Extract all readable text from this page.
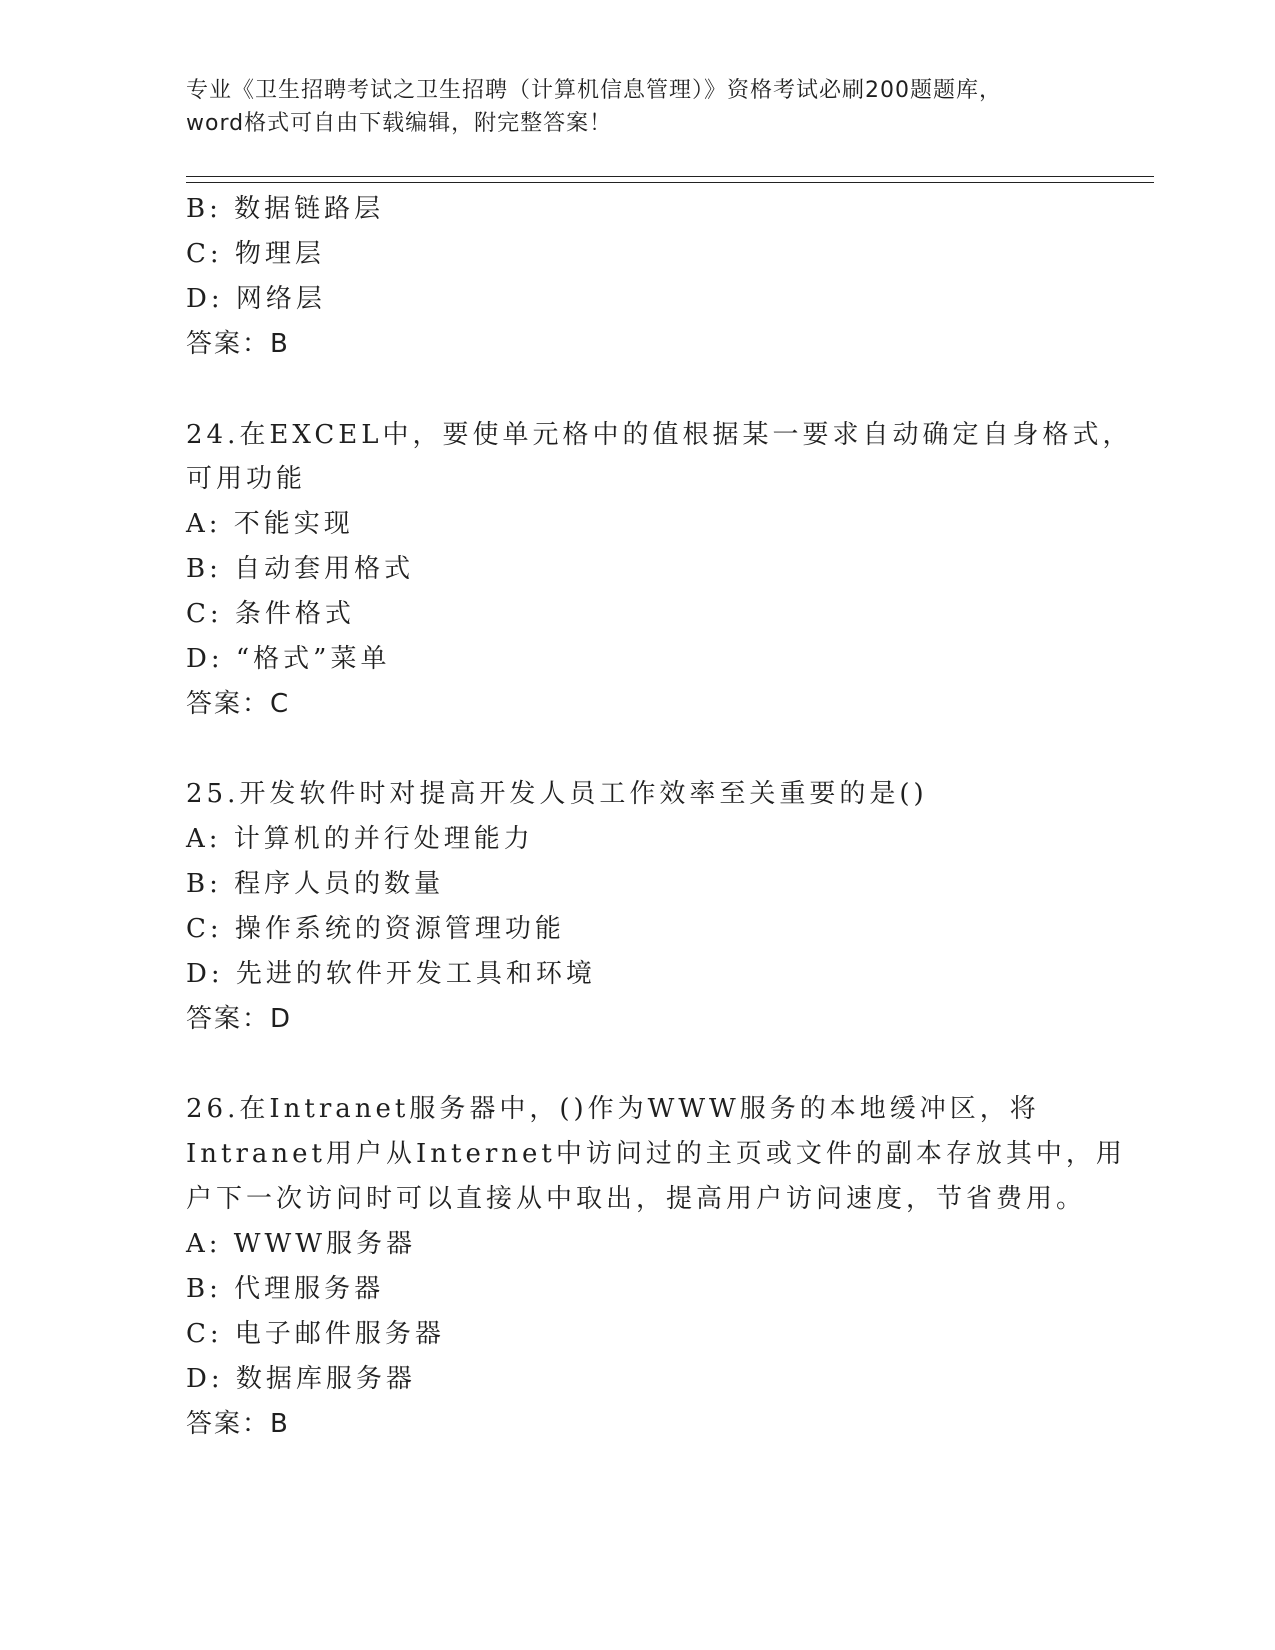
专业《卫生招聘考试之卫生招聘（计算机信息管理）》资格考试必刷200题题库，
word格式可自由下载编辑，附完整答案！
B: 数据链路层
C: 物理层
D: 网络层
答案：B
24.在EXCEL中，要使单元格中的值根据某一要求自动确定自身格式，
可用功能
A: 不能实现
B: 自动套用格式
C: 条件格式
D: “格式”菜单
答案：C
25.开发软件时对提高开发人员工作效率至关重要的是()
A: 计算机的并行处理能力
B: 程序人员的数量
C: 操作系统的资源管理功能
D: 先进的软件开发工具和环境
答案：D
26.在Intranet服务器中，()作为WWW服务的本地缓冲区，将
Intranet用户从Internet中访问过的主页或文件的副本存放其中，用
户下一次访问时可以直接从中取出，提高用户访问速度，节省费用。
A: WWW服务器
B: 代理服务器
C: 电子邮件服务器
D: 数据库服务器
答案：B
